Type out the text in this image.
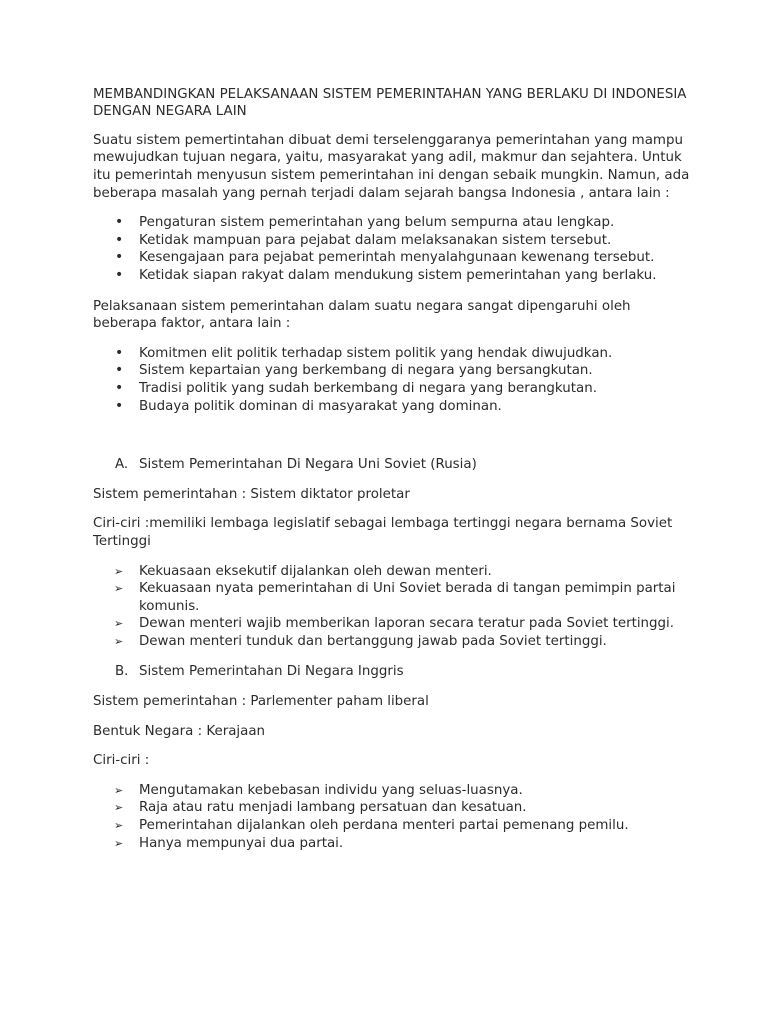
MEMBANDINGKAN PELAKSANAAN SISTEM PEMERINTAHAN YANG BERLAKU DI INDONESIA DENGAN NEGARA LAIN

Suatu sistem pemertintahan dibuat demi terselenggaranya pemerintahan yang mampu mewujudkan tujuan negara, yaitu, masyarakat yang adil, makmur dan sejahtera. Untuk itu pemerintah menyusun sistem pemerintahan ini dengan sebaik mungkin. Namun, ada beberapa masalah yang pernah terjadi dalam sejarah bangsa Indonesia , antara lain :

• Pengaturan sistem pemerintahan yang belum sempurna atau lengkap.
• Ketidak mampuan para pejabat dalam melaksanakan sistem tersebut.
• Kesengajaan para pejabat pemerintah menyalahgunaan kewenang tersebut.
• Ketidak siapan rakyat dalam mendukung sistem pemerintahan yang berlaku.

Pelaksanaan sistem pemerintahan dalam suatu negara sangat dipengaruhi oleh beberapa faktor, antara lain :

• Komitmen elit politik terhadap sistem politik yang hendak diwujudkan.
• Sistem kepartaian yang berkembang di negara yang bersangkutan.
• Tradisi politik yang sudah berkembang di negara yang berangkutan.
• Budaya politik dominan di masyarakat yang dominan.
A. Sistem Pemerintahan Di Negara Uni Soviet (Rusia)

Sistem pemerintahan : Sistem diktator proletar

Ciri-ciri :memiliki lembaga legislatif sebagai lembaga tertinggi negara bernama Soviet Tertinggi

➢ Kekuasaan eksekutif dijalankan oleh dewan menteri.
➢ Kekuasaan nyata pemerintahan di Uni Soviet berada di tangan pemimpin partai komunis.
➢ Dewan menteri wajib memberikan laporan secara teratur pada Soviet tertinggi.
➢ Dewan menteri tunduk dan bertanggung jawab pada Soviet tertinggi.
B. Sistem Pemerintahan Di Negara Inggris

Sistem pemerintahan : Parlementer paham liberal

Bentuk Negara : Kerajaan

Ciri-ciri :

➢ Mengutamakan kebebasan individu yang seluas-luasnya.
➢ Raja atau ratu menjadi lambang persatuan dan kesatuan.
➢ Pemerintahan dijalankan oleh perdana menteri partai pemenang pemilu.
➢ Hanya mempunyai dua partai.
